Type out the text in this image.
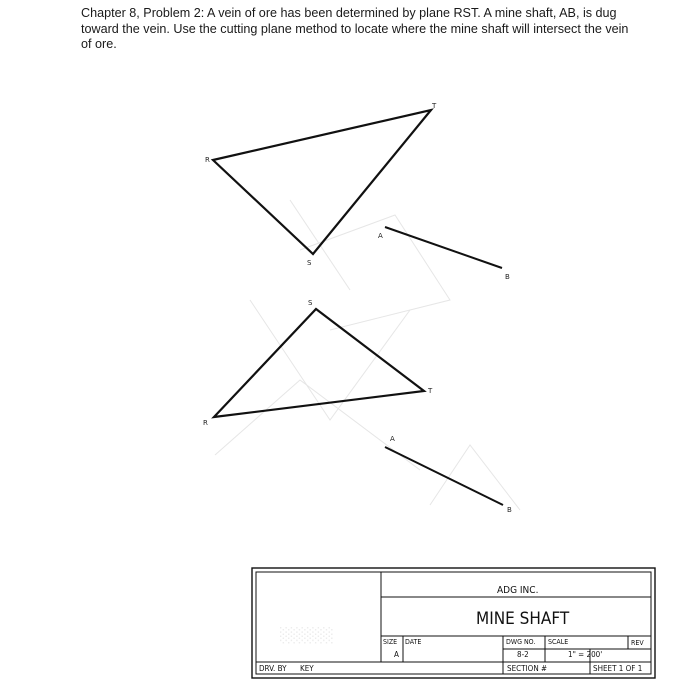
Chapter 8, Problem 2: A vein of ore has been determined by plane RST. A mine shaft, AB, is dug toward the vein. Use the cutting plane method to locate where the mine shaft will intersect the vein of ore.

R
T
S
A
B
R
S
T
A
B
░░░░░
ADG INC.
MINE SHAFT
SIZE DATE
A
DWG NO.
8-2
SCALE
1" = 200'
REV
SECTION #	SHEET 1 OF 1
DRV. BY KEY
